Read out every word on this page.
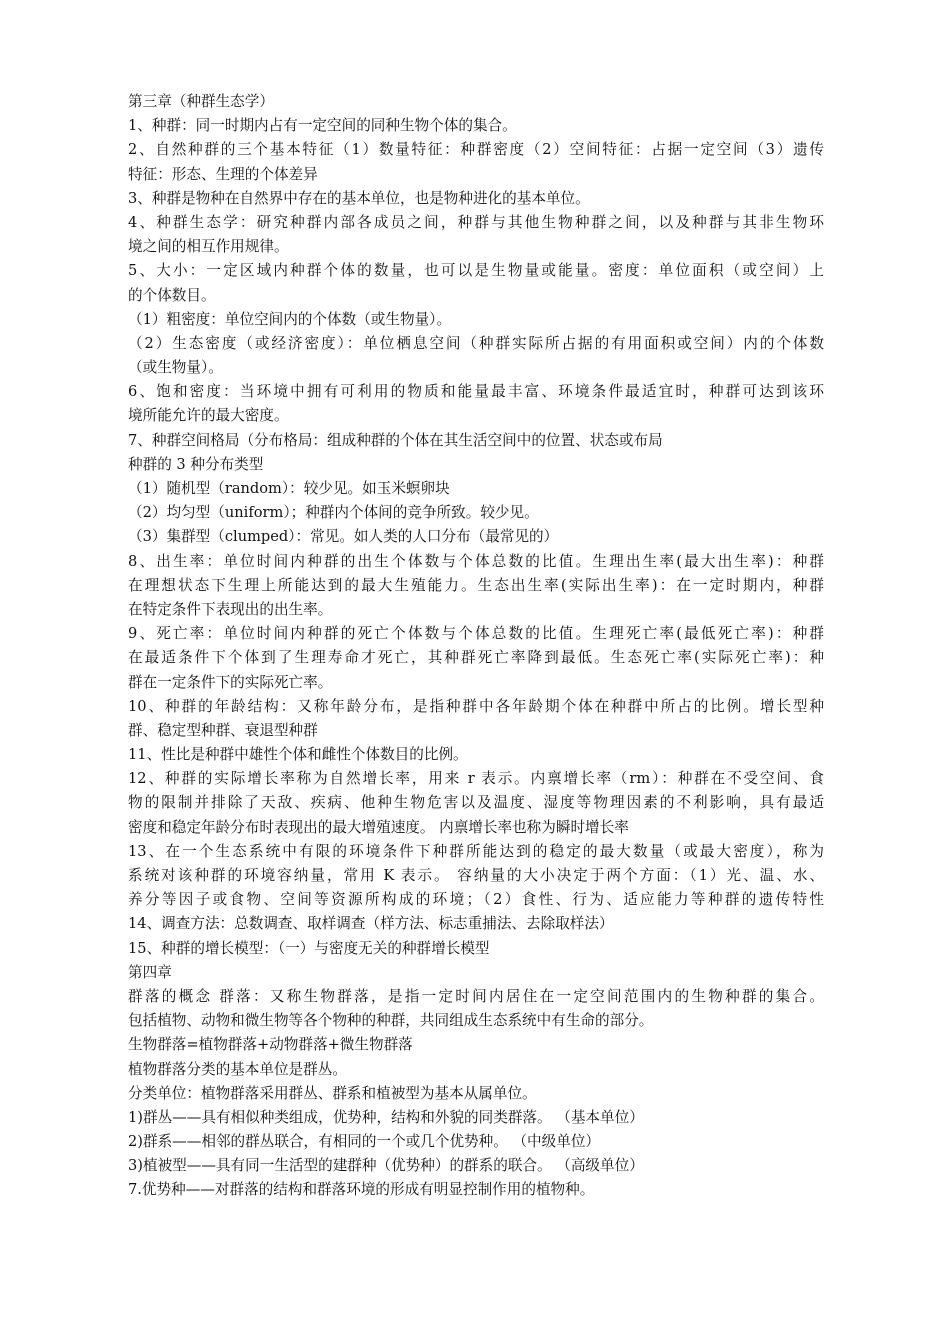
第三章（种群生态学）
1、种群：同一时期内占有一定空间的同种生物个体的集合。
2、自然种群的三个基本特征（1）数量特征：种群密度（2）空间特征：占据一定空间（3）遗传
特征：形态、生理的个体差异
3、种群是物种在自然界中存在的基本单位，也是物种进化的基本单位。
4、种群生态学：研究种群内部各成员之间，种群与其他生物种群之间，以及种群与其非生物环
境之间的相互作用规律。
5、大小：一定区域内种群个体的数量，也可以是生物量或能量。密度：单位面积（或空间）上
的个体数目。
（1）粗密度：单位空间内的个体数（或生物量）。
（2）生态密度（或经济密度）：单位栖息空间（种群实际所占据的有用面积或空间）内的个体数
（或生物量）。
6、饱和密度：当环境中拥有可利用的物质和能量最丰富、环境条件最适宜时，种群可达到该环
境所能允许的最大密度。
7、种群空间格局（分布格局：组成种群的个体在其生活空间中的位置、状态或布局
种群的 3 种分布类型
（1）随机型（random）：较少见。如玉米螟卵块
（2）均匀型（uniform）；种群内个体间的竞争所致。较少见。
（3）集群型（clumped）：常见。如人类的人口分布（最常见的）
8、出生率：单位时间内种群的出生个体数与个体总数的比值。生理出生率(最大出生率)：种群
在理想状态下生理上所能达到的最大生殖能力。生态出生率(实际出生率)：在一定时期内，种群
在特定条件下表现出的出生率。
9、死亡率：单位时间内种群的死亡个体数与个体总数的比值。生理死亡率(最低死亡率)：种群
在最适条件下个体到了生理寿命才死亡，其种群死亡率降到最低。生态死亡率(实际死亡率)：种
群在一定条件下的实际死亡率。
10、种群的年龄结构：又称年龄分布，是指种群中各年龄期个体在种群中所占的比例。增长型种
群、稳定型种群、衰退型种群
11、性比是种群中雄性个体和雌性个体数目的比例。
12、种群的实际增长率称为自然增长率，用来 r 表示。内禀增长率（rm）：种群在不受空间、食
物的限制并排除了天敌、疾病、他种生物危害以及温度、湿度等物理因素的不利影响，具有最适
密度和稳定年龄分布时表现出的最大增殖速度。 内禀增长率也称为瞬时增长率
13、在一个生态系统中有限的环境条件下种群所能达到的稳定的最大数量（或最大密度），称为
系统对该种群的环境容纳量，常用 K 表示。 容纳量的大小决定于两个方面：（1）光、温、水、
养分等因子或食物、空间等资源所构成的环境；（2）食性、行为、适应能力等种群的遗传特性
14、调查方法：总数调查、取样调查（样方法、标志重捕法、去除取样法）
15、种群的增长模型：（一）与密度无关的种群增长模型
第四章
群落的概念 群落：又称生物群落，是指一定时间内居住在一定空间范围内的生物种群的集合。
包括植物、动物和微生物等各个物种的种群，共同组成生态系统中有生命的部分。
生物群落=植物群落+动物群落+微生物群落
植物群落分类的基本单位是群丛。
分类单位：植物群落采用群丛、群系和植被型为基本从属单位。
1)群丛——具有相似种类组成，优势种，结构和外貌的同类群落。 （基本单位）
2)群系——相邻的群丛联合，有相同的一个或几个优势种。 （中级单位）
3)植被型——具有同一生活型的建群种（优势种）的群系的联合。 （高级单位）
7.优势种——对群落的结构和群落环境的形成有明显控制作用的植物种。
